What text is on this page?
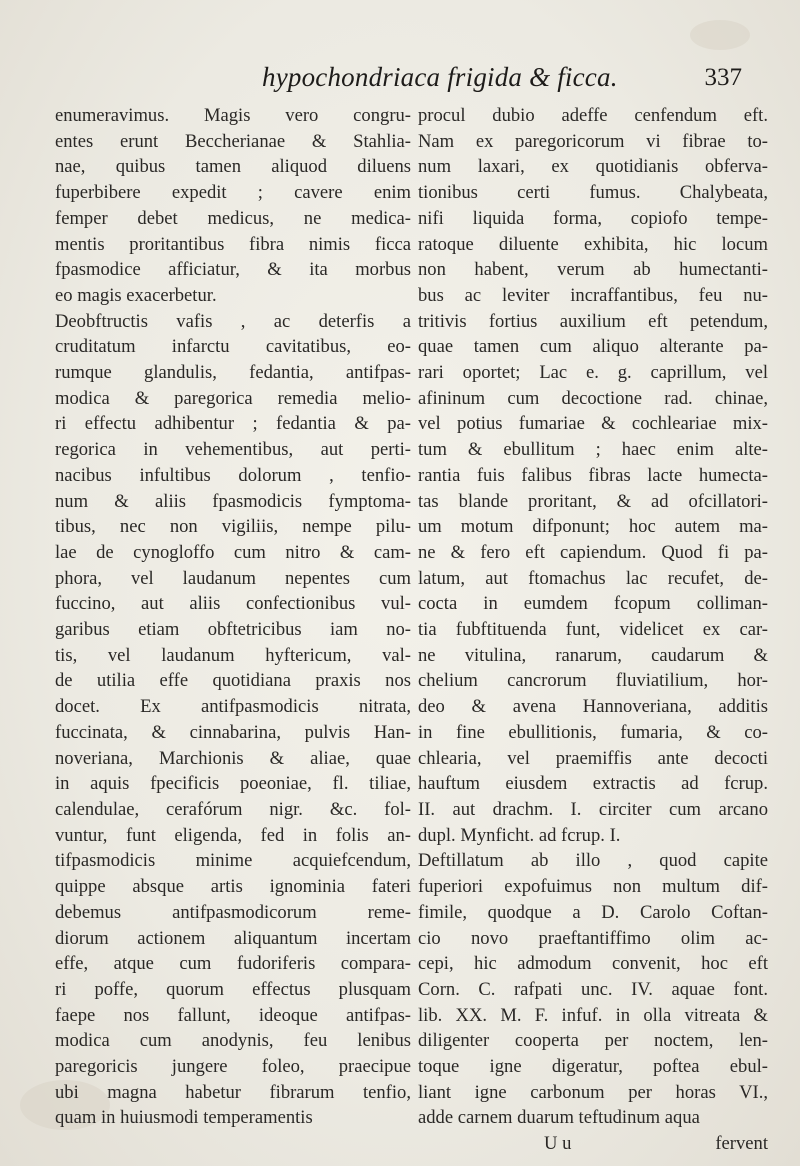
hypochondriaca frigida & ficca.	337
enumeravimus. Magis vero congru-
entes erunt Beccherianae & Stahlia-
nae, quibus tamen aliquod diluens
fuperbibere expedit ; cavere enim
femper debet medicus, ne medica-
mentis proritantibus fibra nimis ficca
fpasmodice afficiatur, & ita morbus
eo magis exacerbetur.
Deobftructis vafis , ac deterfis a
cruditatum infarctu cavitatibus, eo-
rumque glandulis, fedantia, antifpas-
modica & paregorica remedia melio-
ri effectu adhibentur ; fedantia & pa-
regorica in vehementibus, aut perti-
nacibus infultibus dolorum , tenfio-
num & aliis fpasmodicis fymptoma-
tibus, nec non vigiliis, nempe pilu-
lae de cynogloffo cum nitro & cam-
phora, vel laudanum nepentes cum
fuccino, aut aliis confectionibus vul-
garibus etiam obftetricibus iam no-
tis, vel laudanum hyftericum, val-
de utilia effe quotidiana praxis nos
docet. Ex antifpasmodicis nitrata,
fuccinata, & cinnabarina, pulvis Han-
noveriana, Marchionis & aliae, quae
in aquis fpecificis poeoniae, fl. tiliae,
calendulae, cerafórum nigr. &c. fol-
vuntur, funt eligenda, fed in folis an-
tifpasmodicis minime acquiefcendum,
quippe absque artis ignominia fateri
debemus antifpasmodicorum reme-
diorum actionem aliquantum incertam
effe, atque cum fudoriferis compara-
ri poffe, quorum effectus plusquam
faepe nos fallunt, ideoque antifpas-
modica cum anodynis, feu lenibus
paregoricis jungere foleo, praecipue
ubi magna habetur fibrarum tenfio,
quam in huiusmodi temperamentis
procul dubio adeffe cenfendum eft.
Nam ex paregoricorum vi fibrae to-
num laxari, ex quotidianis obferva-
tionibus certi fumus. Chalybeata,
nifi liquida forma, copiofo tempe-
ratoque diluente exhibita, hic locum
non habent, verum ab humectanti-
bus ac leviter incraffantibus, feu nu-
tritivis fortius auxilium eft petendum,
quae tamen cum aliquo alterante pa-
rari oportet; Lac e. g. caprillum, vel
afininum cum decoctione rad. chinae,
vel potius fumariae & cochleariae mix-
tum & ebullitum ; haec enim alte-
rantia fuis falibus fibras lacte humecta-
tas blande proritant, & ad ofcillatori-
um motum difponunt; hoc autem ma-
ne & fero eft capiendum. Quod fi pa-
latum, aut ftomachus lac recufet, de-
cocta in eumdem fcopum colliman-
tia fubftituenda funt, videlicet ex car-
ne vitulina, ranarum, caudarum &
chelium cancrorum fluviatilium, hor-
deo & avena Hannoveriana, additis
in fine ebullitionis, fumaria, & co-
chlearia, vel praemiffis ante decocti
hauftum eiusdem extractis ad fcrup.
II. aut drachm. I. circiter cum arcano
dupl. Mynficht. ad fcrup. I.
Deftillatum ab illo , quod capite
fuperiori expofuimus non multum dif-
fimile, quodque a D. Carolo Coftan-
cio novo praeftantiffimo olim ac-
cepi, hic admodum convenit, hoc eft
Corn. C. rafpati unc. IV. aquae font.
lib. XX. M. F. infuf. in olla vitreata &
diligenter cooperta per noctem, len-
toque igne digeratur, poftea ebul-
liant igne carbonum per horas VI.,
adde carnem duarum teftudinum aqua
U u	fervent
